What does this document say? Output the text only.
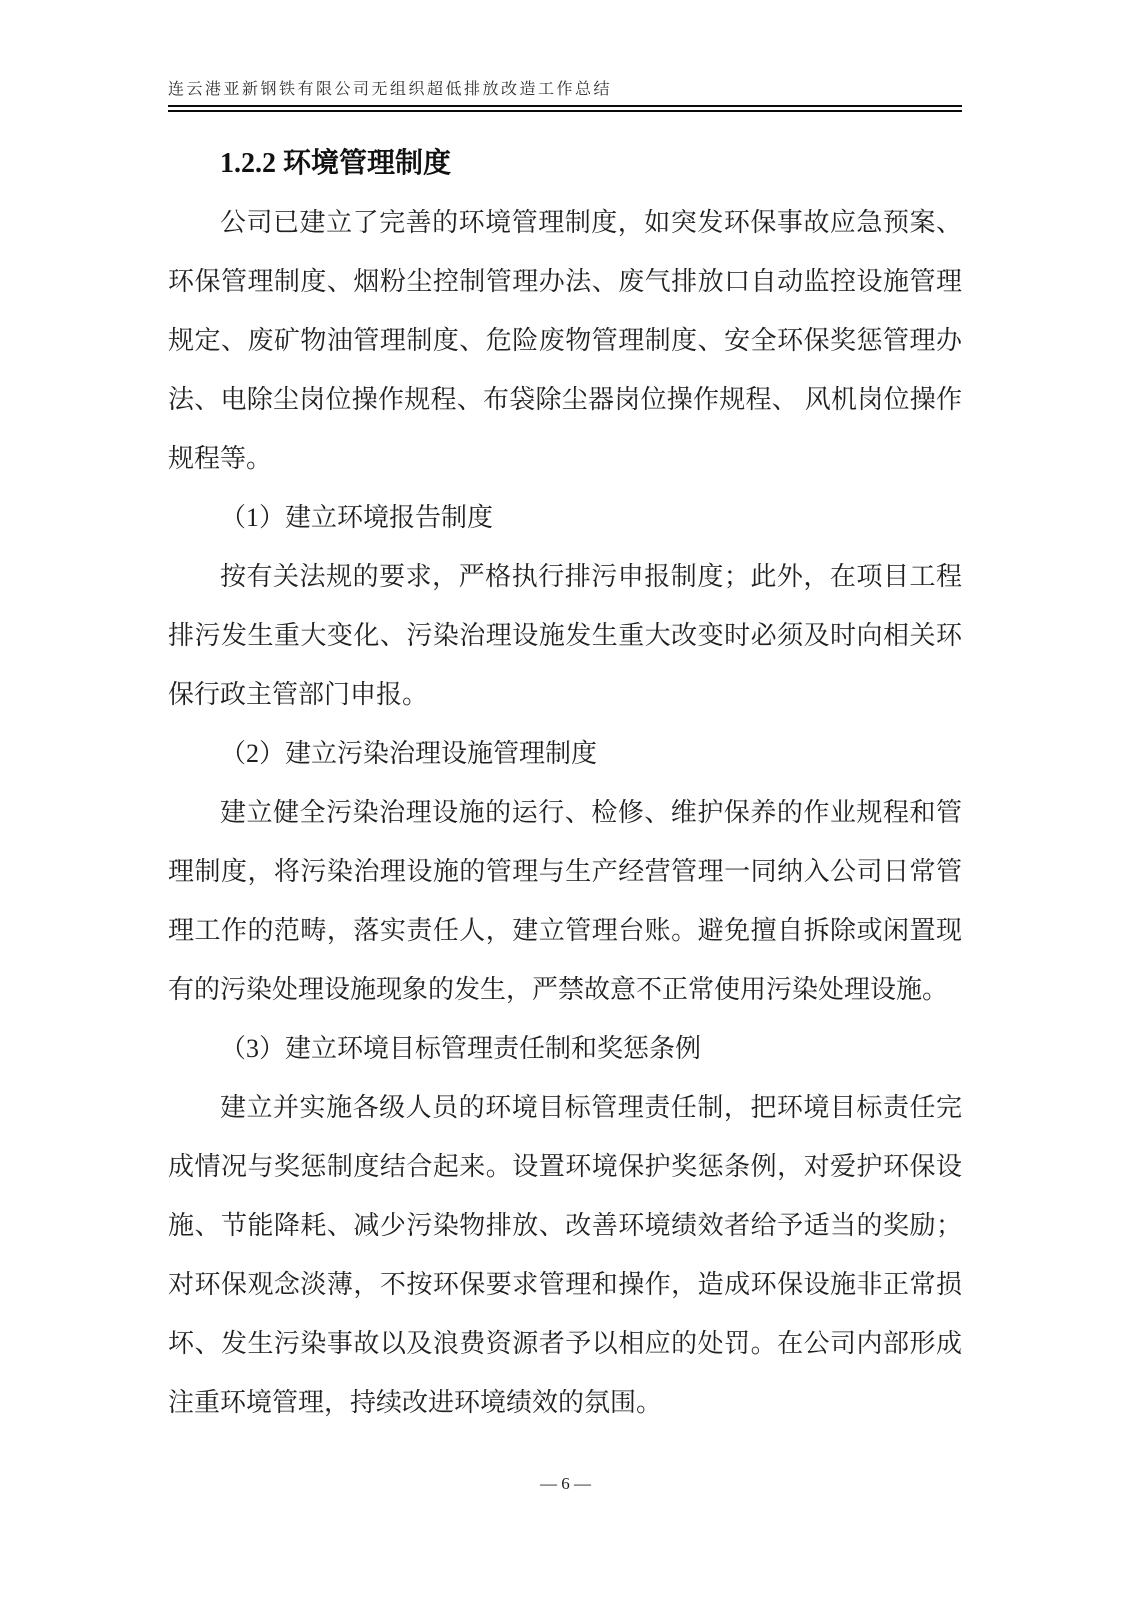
连云港亚新钢铁有限公司无组织超低排放改造工作总结
1.2.2 环境管理制度

公司已建立了完善的环境管理制度，如突发环保事故应急预案、环保管理制度、烟粉尘控制管理办法、废气排放口自动监控设施管理规定、废矿物油管理制度、危险废物管理制度、安全环保奖惩管理办法、电除尘岗位操作规程、布袋除尘器岗位操作规程、 风机岗位操作规程等。

（1）建立环境报告制度

按有关法规的要求，严格执行排污申报制度；此外，在项目工程排污发生重大变化、污染治理设施发生重大改变时必须及时向相关环保行政主管部门申报。

（2）建立污染治理设施管理制度

建立健全污染治理设施的运行、检修、维护保养的作业规程和管理制度，将污染治理设施的管理与生产经营管理一同纳入公司日常管理工作的范畴，落实责任人，建立管理台账。避免擅自拆除或闲置现有的污染处理设施现象的发生，严禁故意不正常使用污染处理设施。

（3）建立环境目标管理责任制和奖惩条例

建立并实施各级人员的环境目标管理责任制，把环境目标责任完成情况与奖惩制度结合起来。设置环境保护奖惩条例，对爱护环保设施、节能降耗、减少污染物排放、改善环境绩效者给予适当的奖励；对环保观念淡薄，不按环保要求管理和操作，造成环保设施非正常损坏、发生污染事故以及浪费资源者予以相应的处罚。在公司内部形成注重环境管理，持续改进环境绩效的氛围。

— 6 —
